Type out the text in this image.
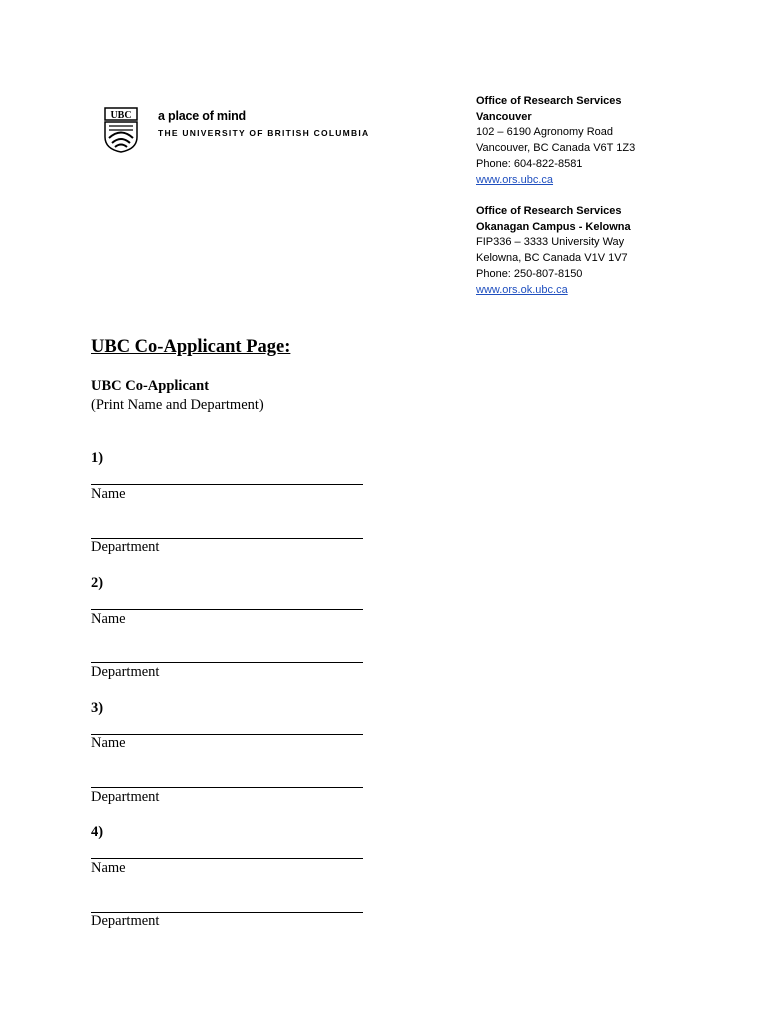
UBC a place of mind
THE UNIVERSITY OF BRITISH COLUMBIA
Office of Research Services
Vancouver
102 – 6190 Agronomy Road
Vancouver, BC Canada V6T 1Z3
Phone: 604-822-8581
www.ors.ubc.ca
Office of Research Services
Okanagan Campus - Kelowna
FIP336 – 3333 University Way
Kelowna, BC Canada V1V 1V7
Phone: 250-807-8150
www.ors.ok.ubc.ca
UBC Co-Applicant Page:
UBC Co-Applicant
(Print Name and Department)
1)
Name
Department
2)
Name
Department
3)
Name
Department
4)
Name
Department
